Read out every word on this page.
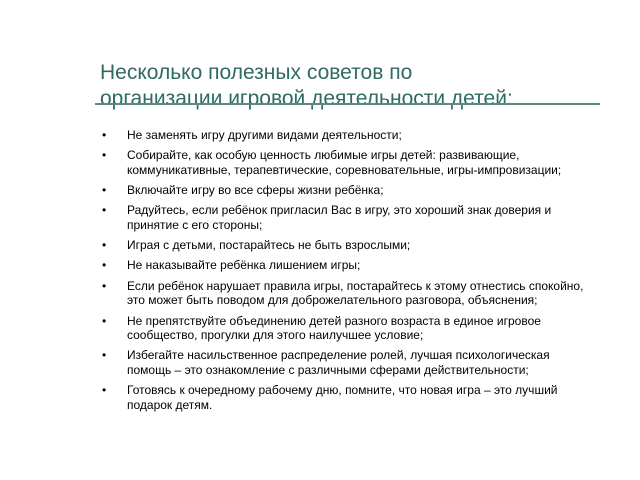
Несколько полезных советов по
организации игровой деятельности детей:
• Не заменять игру другими видами деятельности;
• Собирайте, как особую ценность любимые игры детей: развивающие, коммуникативные, терапевтические, соревновательные, игры-импровизации;
• Включайте игру во все сферы жизни ребёнка;
• Радуйтесь, если ребёнок пригласил Вас в игру, это хороший знак доверия и принятие с его стороны;
• Играя с детьми, постарайтесь не быть взрослыми;
• Не наказывайте ребёнка лишением игры;
• Если ребёнок нарушает правила игры, постарайтесь к этому отнестись спокойно, это может быть поводом для доброжелательного разговора, объяснения;
• Не препятствуйте объединению детей разного возраста в единое игровое сообщество, прогулки для этого наилучшее условие;
• Избегайте насильственное распределение ролей, лучшая психологическая помощь – это ознакомление с различными сферами действительности;
• Готовясь к очередному рабочему дню, помните, что новая игра – это лучший подарок детям.
